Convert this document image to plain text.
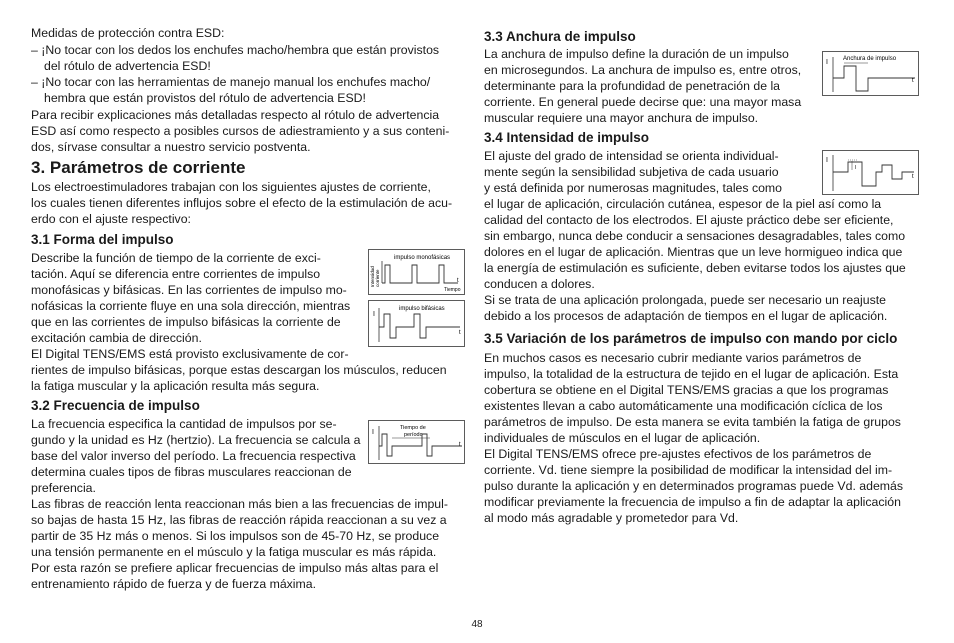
Medidas de protección contra ESD:

– ¡No tocar con los dedos los enchufes macho/hembra que están provistos

del rótulo de advertencia ESD!

– ¡No tocar con las herramientas de manejo manual los enchufes macho/

hembra que están provistos del rótulo de advertencia ESD!

Para recibir explicaciones más detalladas respecto al rótulo de advertencia

ESD así como respecto a posibles cursos de adiestramiento y a sus conteni-

dos, sírvase consultar a nuestro servicio postventa.

3. Parámetros de corriente

Los electroestimuladores trabajan con los siguientes ajustes de corriente,

los cuales tienen diferentes influjos sobre el efecto de la estimulación de acu-

erdo con el ajuste respectivo:

3.1 Forma del impulso

Describe la función de tiempo de la corriente de exci-

tación. Aquí se diferencia entre corrientes de impulso

monofásicas y bifásicas. En las corrientes de impulso mo-

nofásicas la corriente fluye en una sola dirección, mientras

que en las corrientes de impulso bifásicas la corriente de

excitación cambia de dirección.

El Digital TENS/EMS está provisto exclusivamente de cor-

rientes de impulso bifásicas, porque estas descargan los músculos, reducen

la fatiga muscular y la aplicación resulta más segura.

3.2 Frecuencia de impulso

La frecuencia especifica la cantidad de impulsos por se-

gundo y la unidad es Hz (hertzio). La frecuencia se calcula a

base del valor inverso del período. La frecuencia respectiva

determina cuales tipos de fibras musculares reaccionan de

preferencia.

Las fibras de reacción lenta reaccionan más bien a las frecuencias de impul-

so bajas de hasta 15 Hz, las fibras de reacción rápida reaccionan a su vez a

partir de 35 Hz más o menos. Si los impulsos son de 45-70 Hz, se produce

una tensión permanente en el músculo y la fatiga muscular es más rápida.

Por esta razón se prefiere aplicar frecuencias de impulso más altas para el

entrenamiento rápido de fuerza y de fuerza máxima.

impulso monofásicas
Intensidad corriente	t
Tiempo
impulso bifásicas
I
t
Tiempo de
período
I
t
3.3 Anchura de impulso

La anchura de impulso define la duración de un impulso

en microsegundos. La anchura de impulso es, entre otros,

determinante para la profundidad de penetración de la

corriente. En general puede decirse que: una mayor masa

muscular requiere una mayor anchura de impulso.

3.4 Intensidad de impulso

El ajuste del grado de intensidad se orienta individual-

mente según la sensibilidad subjetiva de cada usuario

y está definida por numerosas magnitudes, tales como

el lugar de aplicación, circulación cutánea, espesor de la piel así como la

calidad del contacto de los electrodos. El ajuste práctico debe ser eficiente,

sin embargo, nunca debe conducir a sensaciones desagradables, tales como

dolores en el lugar de aplicación. Mientras que un leve hormigueo indica que

la energía de estimulación es suficiente, deben evitarse todos los ajustes que

conducen a dolores.

Si se trata de una aplicación prolongada, puede ser necesario un reajuste

debido a los procesos de adaptación de tiempos en el lugar de aplicación.

3.5 Variación de los parámetros de impulso con mando por ciclo

En muchos casos es necesario cubrir mediante varios parámetros de

impulso, la totalidad de la estructura de tejido en el lugar de aplicación. Esta

cobertura se obtiene en el Digital TENS/EMS gracias a que los programas

existentes llevan a cabo automáticamente una modificación cíclica de los

parámetros de impulso. De esta manera se evita también la fatiga de grupos

individuales de músculos en el lugar de aplicación.

El Digital TENS/EMS ofrece pre-ajustes efectivos de los parámetros de

corriente. Vd. tiene siempre la posibilidad de modificar la intensidad del im-

pulso durante la aplicación y en determinados programas puede Vd. además

modificar previamente la frecuencia de impulso a fin de adaptar la aplicación

al modo más agradable y prometedor para Vd.

Anchura de impulso
I
t
I
I
t
48
